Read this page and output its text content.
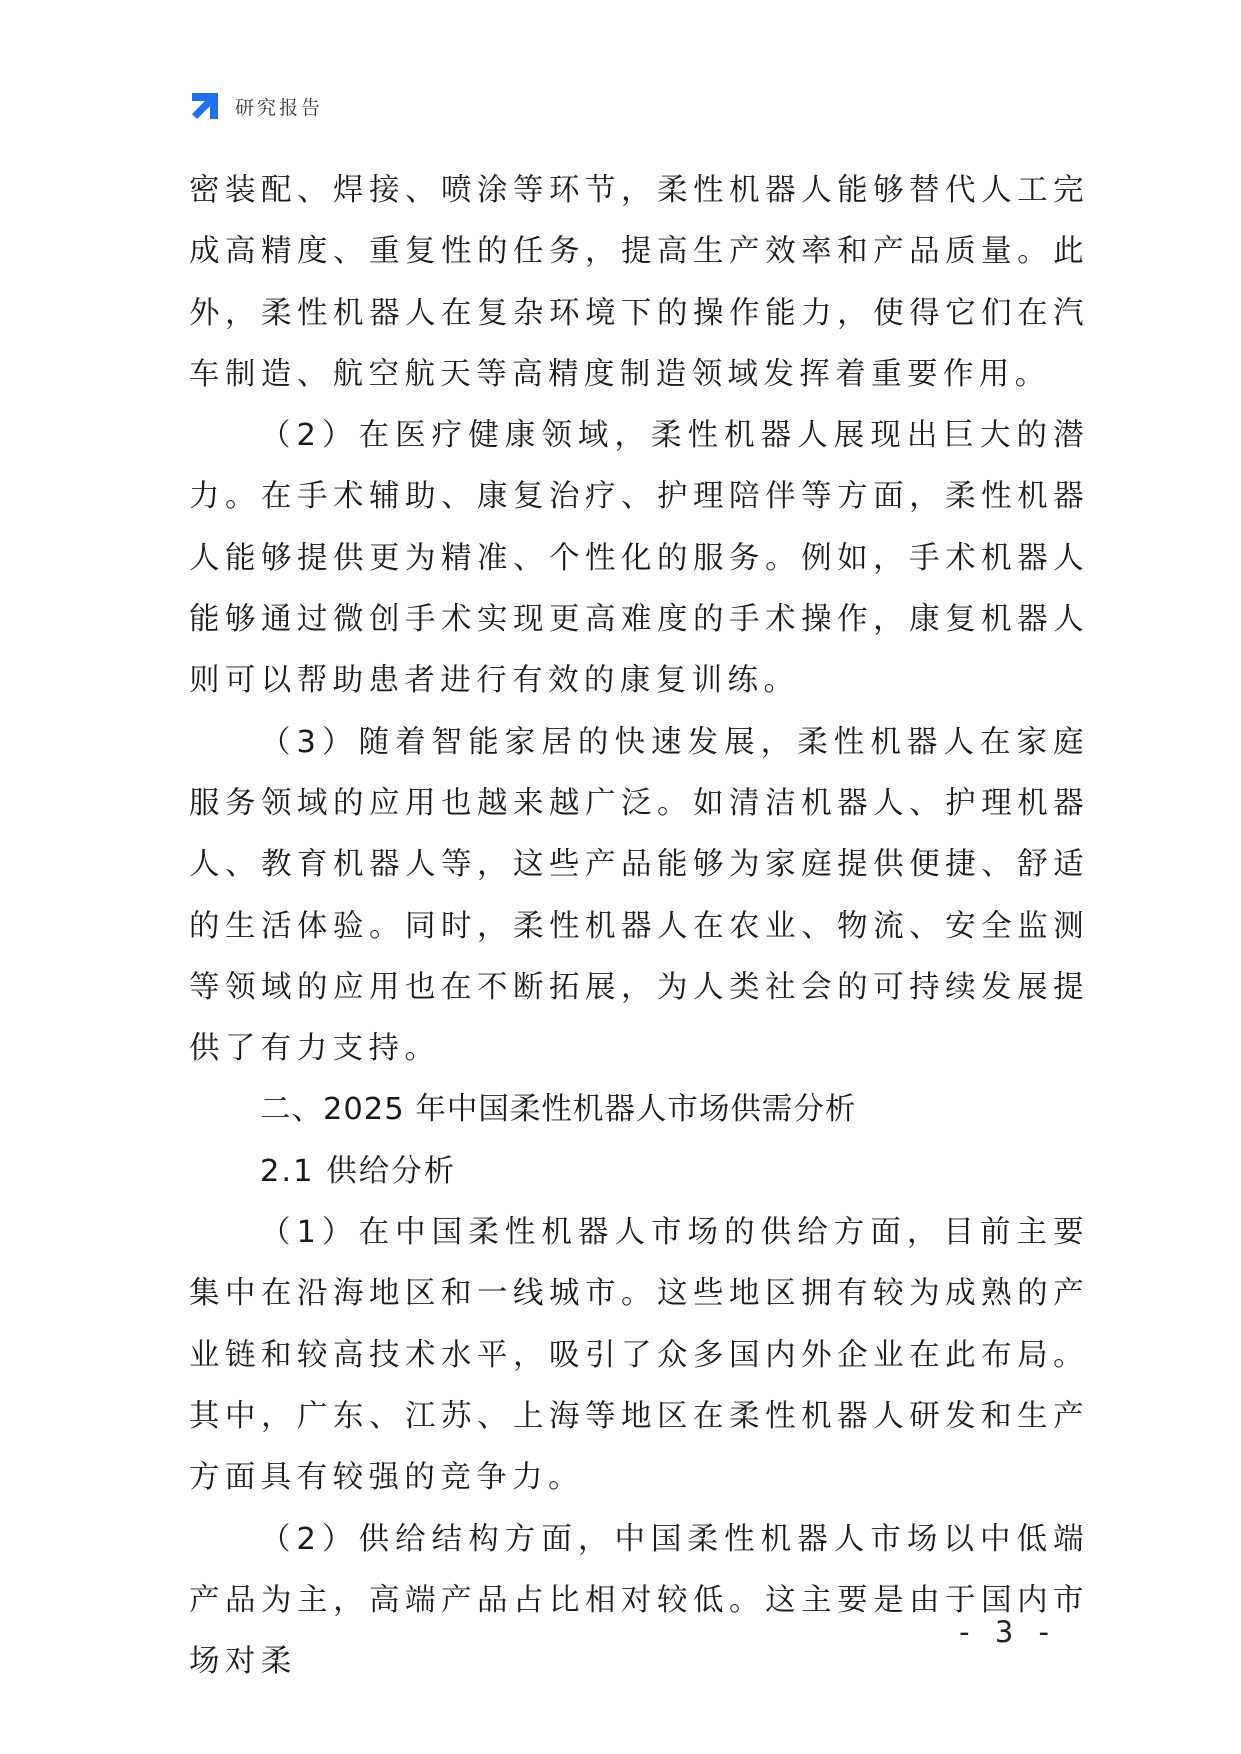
研究报告

密装配、焊接、喷涂等环节，柔性机器人能够替代人工完成高精度、重复性的任务，提高生产效率和产品质量。此外，柔性机器人在复杂环境下的操作能力，使得它们在汽车制造、航空航天等高精度制造领域发挥着重要作用。

（2）在医疗健康领域，柔性机器人展现出巨大的潜力。在手术辅助、康复治疗、护理陪伴等方面，柔性机器人能够提供更为精准、个性化的服务。例如，手术机器人能够通过微创手术实现更高难度的手术操作，康复机器人则可以帮助患者进行有效的康复训练。

（3）随着智能家居的快速发展，柔性机器人在家庭服务领域的应用也越来越广泛。如清洁机器人、护理机器人、教育机器人等，这些产品能够为家庭提供便捷、舒适的生活体验。同时，柔性机器人在农业、物流、安全监测等领域的应用也在不断拓展，为人类社会的可持续发展提供了有力支持。

二、2025 年中国柔性机器人市场供需分析

2.1 供给分析

（1）在中国柔性机器人市场的供给方面，目前主要集中在沿海地区和一线城市。这些地区拥有较为成熟的产业链和较高技术水平，吸引了众多国内外企业在此布局。其中，广东、江苏、上海等地区在柔性机器人研发和生产方面具有较强的竞争力。

（2）供给结构方面，中国柔性机器人市场以中低端产品为主，高端产品占比相对较低。这主要是由于国内市场对柔

- 3 -
